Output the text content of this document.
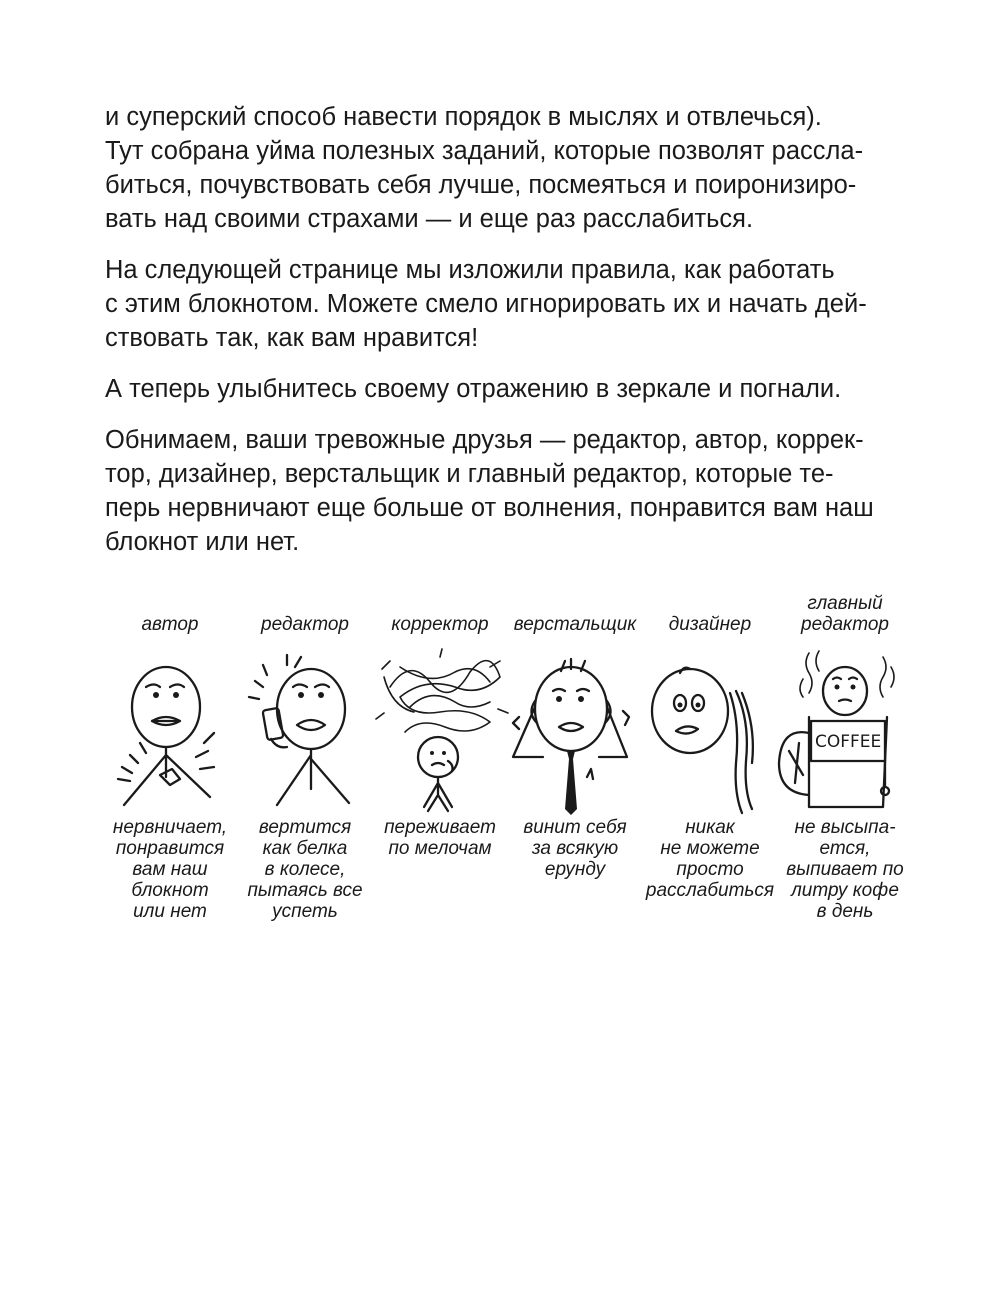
и суперский способ навести порядок в мыслях и отвлечься).
Тут собрана уйма полезных заданий, которые позволят рассла-
биться, почувствовать себя лучше, посмеяться и поиронизиро-
вать над своими страхами — и еще раз расслабиться.

На следующей странице мы изложили правила, как работать
с этим блокнотом. Можете смело игнорировать их и начать дей-
ствовать так, как вам нравится!

А теперь улыбнитесь своему отражению в зеркале и погнали.

Обнимаем, ваши тревожные друзья — редактор, автор, коррек-
тор, дизайнер, верстальщик и главный редактор, которые те-
перь нервничают еще больше от волнения, понравится вам наш
блокнот или нет.

автор
нервничает,
понравится
вам наш
блокнот
или нет
редактор
вертится
как белка
в колесе,
пытаясь все
успеть
корректор
переживает
по мелочам
верстальщик
винит себя
за всякую
ерунду
дизайнер
никак
не можете
просто
расслабиться
главный
редактор
COFFEE
не высыпа-
ется,
выпивает по
литру кофе
в день
